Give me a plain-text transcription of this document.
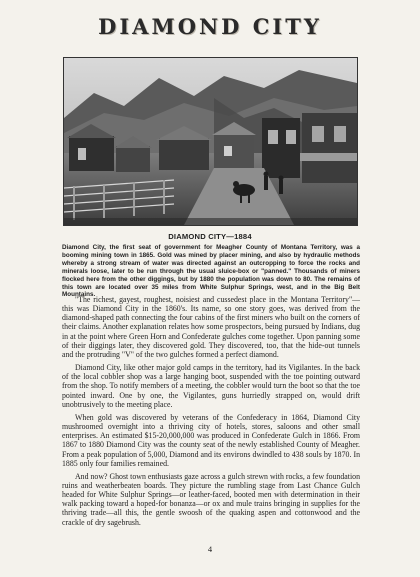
DIAMOND CITY
DIAMOND CITY—1884
Diamond City, the first seat of government for Meagher County of Montana Territory, was a booming mining town in 1865. Gold was mined by placer mining, and also by hydraulic methods whereby a strong stream of water was directed against an outcropping to force the rocks and minerals loose, later to be run through the usual sluice-box or "panned." Thousands of miners flocked here from the other diggings, but by 1880 the population was down to 80. The remains of this town are located over 35 miles from White Sulphur Springs, west, and in the Big Belt Mountains.

"The richest, gayest, roughest, noisiest and cussedest place in the Montana Territory"—this was Diamond City in the 1860's. Its name, so one story goes, was derived from the diamond-shaped path connecting the four cabins of the first miners who built on the corners of their claims. Another explanation relates how some prospectors, being pursued by Indians, dug in at the point where Green Horn and Confederate gulches come together. Upon panning some of their diggings later, they discovered gold. They discovered, too, that the hide-out tunnels and the protruding "V" of the two gulches formed a perfect diamond.

Diamond City, like other major gold camps in the territory, had its Vigilantes. In the back of the local cobbler shop was a large hanging boot, suspended with the toe pointing outward from the shop. To notify members of a meeting, the cobbler would turn the boot so that the toe pointed inward. One by one, the Vigilantes, guns hurriedly strapped on, would drift unobtrusively to the meeting place.

When gold was discovered by veterans of the Confederacy in 1864, Diamond City mushroomed overnight into a thriving city of hotels, stores, saloons and other small enterprises. An estimated $15-20,000,000 was produced in Confederate Gulch in 1866. From 1867 to 1880 Diamond City was the county seat of the newly established County of Meagher. From a peak population of 5,000, Diamond and its environs dwindled to 438 souls by 1870. In 1885 only four families remained.

And now? Ghost town enthusiasts gaze across a gulch strewn with rocks, a few foundation ruins and weatherbeaten boards. They picture the rumbling stage from Last Chance Gulch headed for White Sulphur Springs—or leather-faced, booted men with determination in their walk packing toward a hoped-for bonanza—or ox and mule trains bringing in supplies for the thriving trade—all this, the gentle swoosh of the quaking aspen and cottonwood and the crackle of dry sagebrush.

4
